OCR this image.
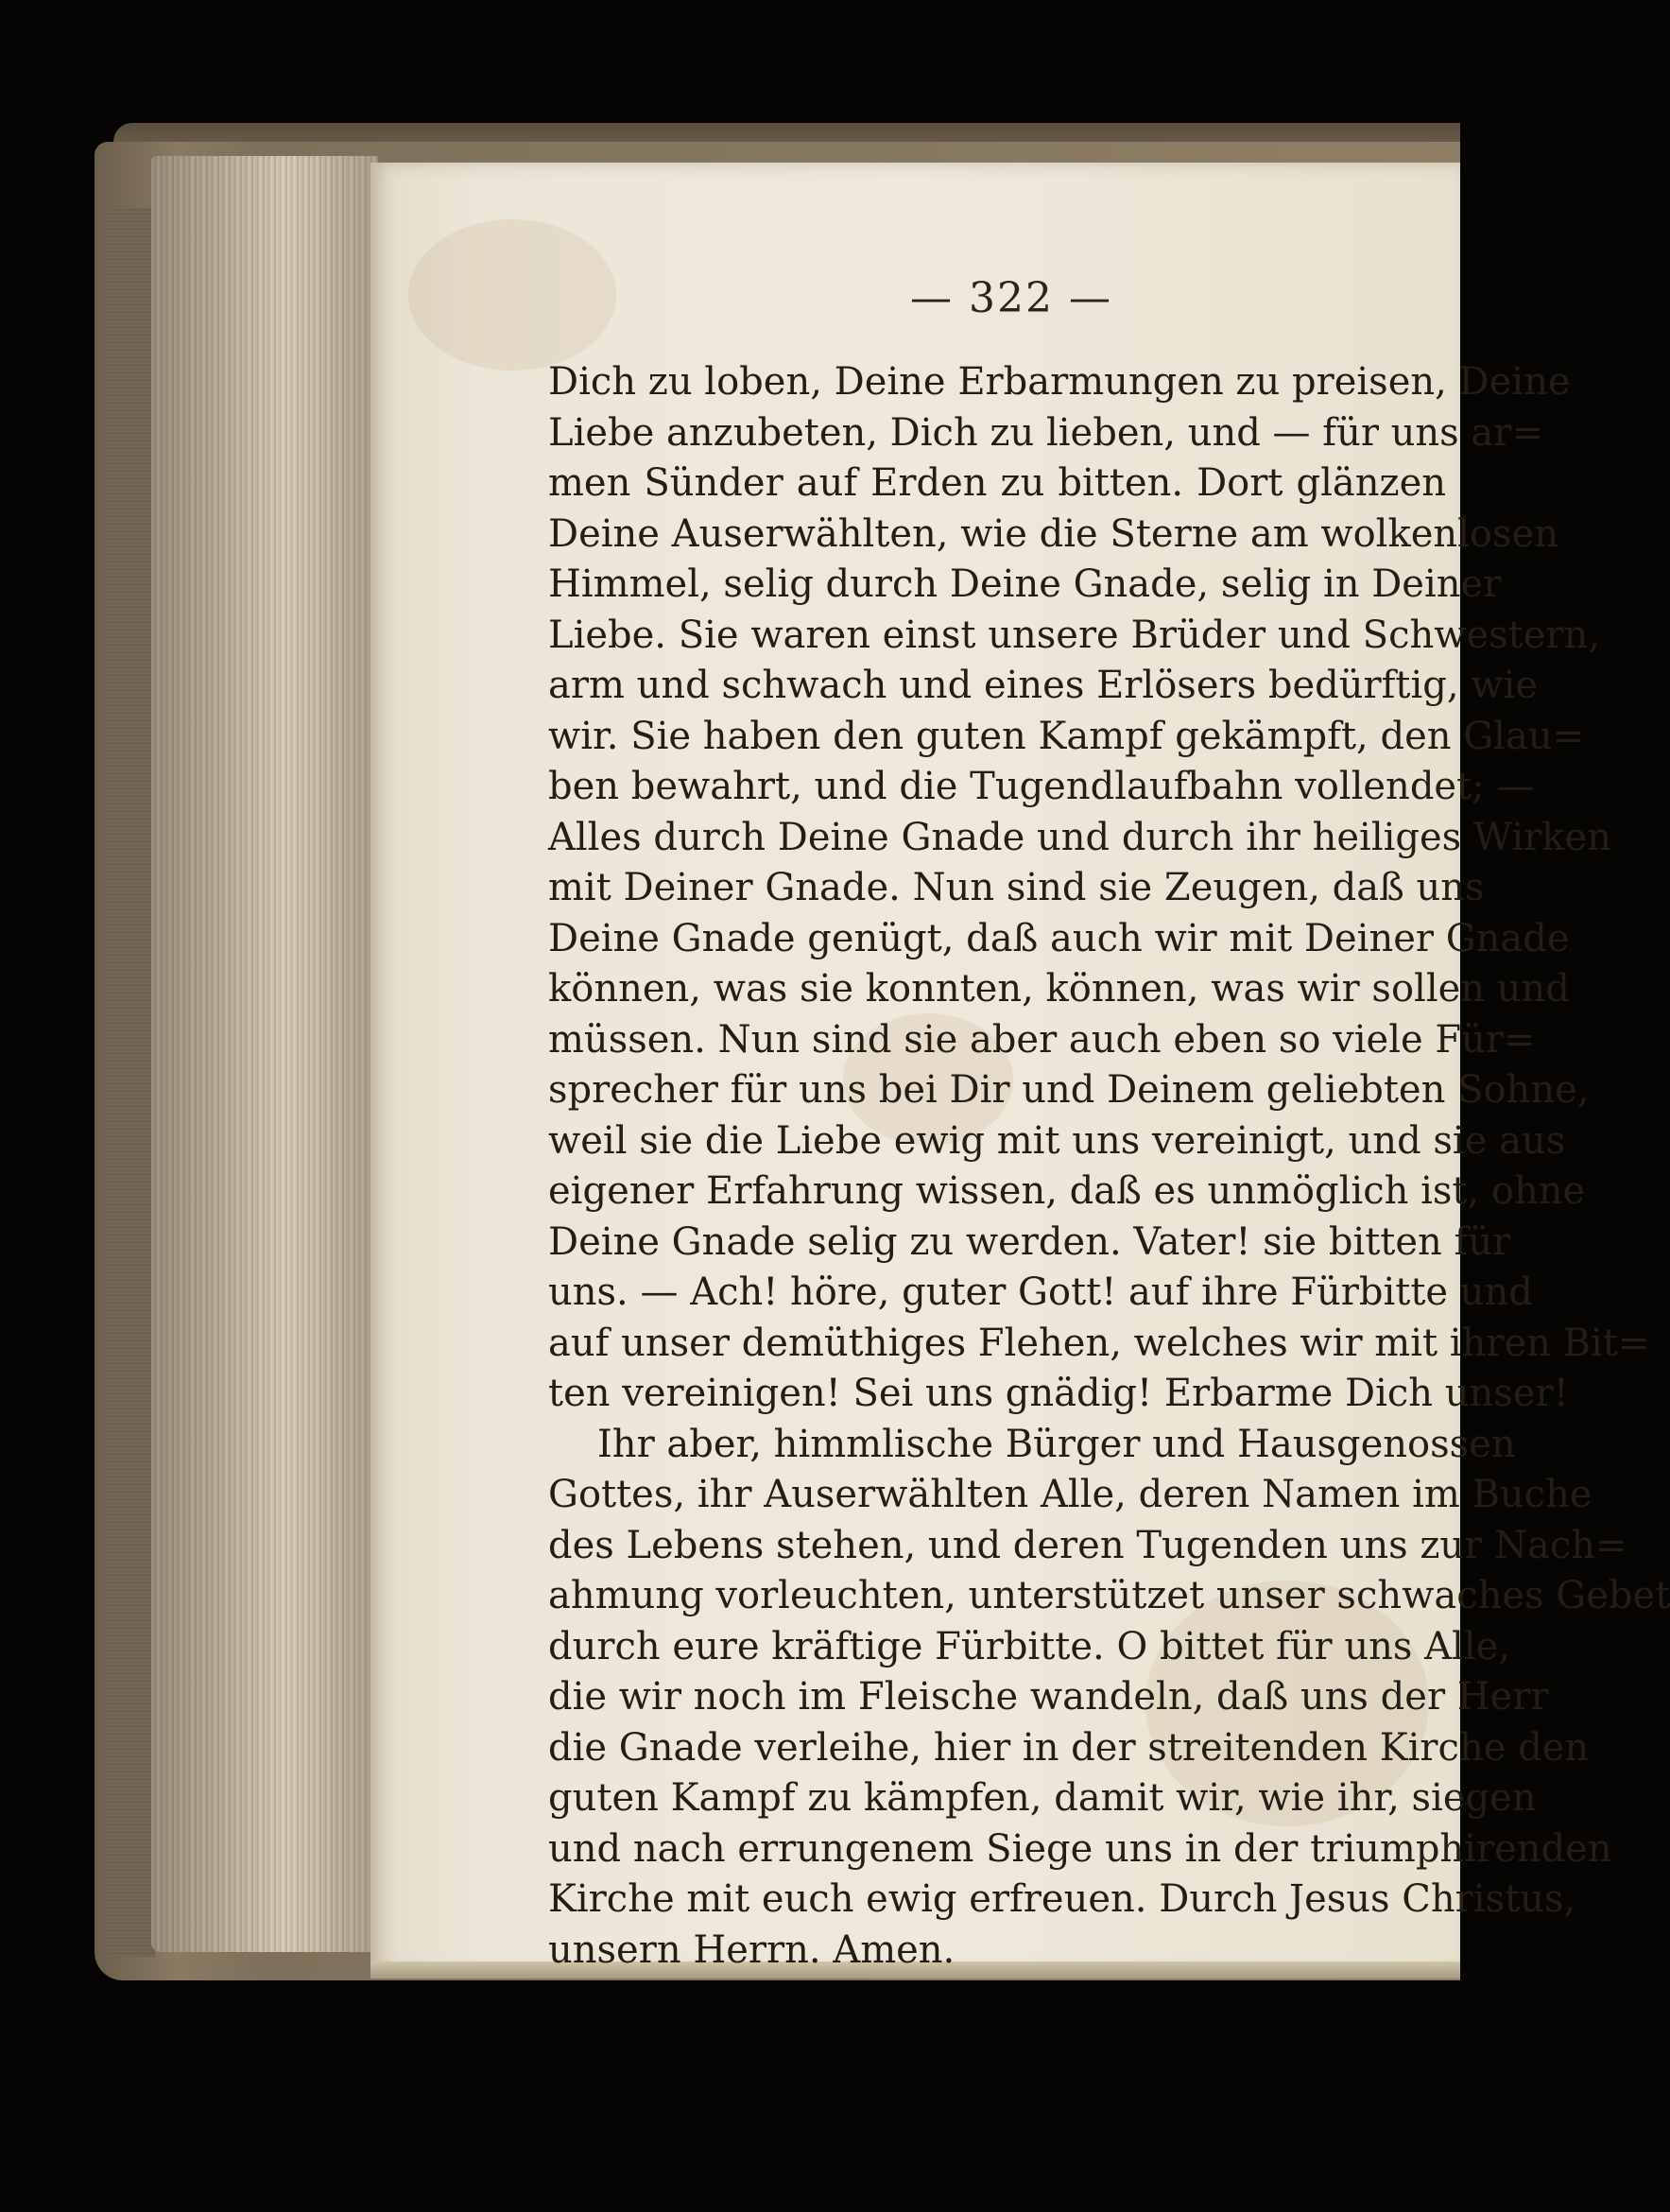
— 322 —
Dich zu loben, Deine Erbarmungen zu preisen, Deine
Liebe anzubeten, Dich zu lieben, und — für uns ar=
men Sünder auf Erden zu bitten. Dort glänzen
Deine Auserwählten, wie die Sterne am wolkenlosen
Himmel, selig durch Deine Gnade, selig in Deiner
Liebe. Sie waren einst unsere Brüder und Schwestern,
arm und schwach und eines Erlösers bedürftig, wie
wir. Sie haben den guten Kampf gekämpft, den Glau=
ben bewahrt, und die Tugendlaufbahn vollendet; —
Alles durch Deine Gnade und durch ihr heiliges Wirken
mit Deiner Gnade. Nun sind sie Zeugen, daß uns
Deine Gnade genügt, daß auch wir mit Deiner Gnade
können, was sie konnten, können, was wir sollen und
müssen. Nun sind sie aber auch eben so viele Für=
sprecher für uns bei Dir und Deinem geliebten Sohne,
weil sie die Liebe ewig mit uns vereinigt, und sie aus
eigener Erfahrung wissen, daß es unmöglich ist, ohne
Deine Gnade selig zu werden. Vater! sie bitten für
uns. — Ach! höre, guter Gott! auf ihre Fürbitte und
auf unser demüthiges Flehen, welches wir mit ihren Bit=
ten vereinigen! Sei uns gnädig! Erbarme Dich unser!
Ihr aber, himmlische Bürger und Hausgenossen
Gottes, ihr Auserwählten Alle, deren Namen im Buche
des Lebens stehen, und deren Tugenden uns zur Nach=
ahmung vorleuchten, unterstützet unser schwaches Gebet
durch eure kräftige Fürbitte. O bittet für uns Alle,
die wir noch im Fleische wandeln, daß uns der Herr
die Gnade verleihe, hier in der streitenden Kirche den
guten Kampf zu kämpfen, damit wir, wie ihr, siegen
und nach errungenem Siege uns in der triumphirenden
Kirche mit euch ewig erfreuen. Durch Jesus Christus,
unsern Herrn. Amen.
